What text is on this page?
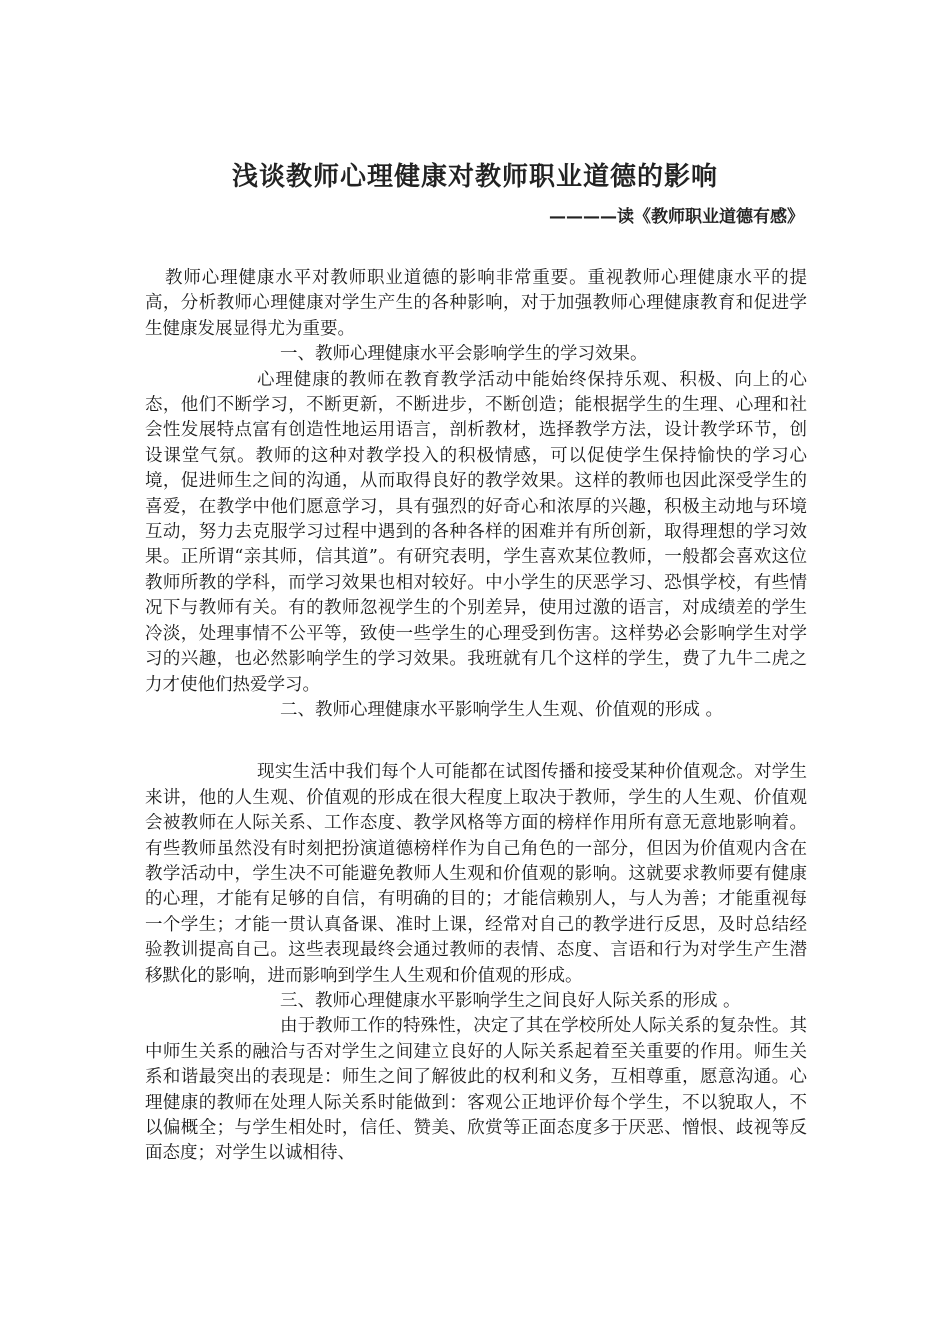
浅谈教师心理健康对教师职业道德的影响
————读《教师职业道德有感》

教师心理健康水平对教师职业道德的影响非常重要。重视教师心理健康水平的提高，分析教师心理健康对学生产生的各种影响，对于加强教师心理健康教育和促进学生健康发展显得尤为重要。

一、教师心理健康水平会影响学生的学习效果。

心理健康的教师在教育教学活动中能始终保持乐观、积极、向上的心态，他们不断学习，不断更新，不断进步，不断创造；能根据学生的生理、心理和社会性发展特点富有创造性地运用语言，剖析教材，选择教学方法，设计教学环节，创设课堂气氛。教师的这种对教学投入的积极情感，可以促使学生保持愉快的学习心境，促进师生之间的沟通，从而取得良好的教学效果。这样的教师也因此深受学生的喜爱，在教学中他们愿意学习，具有强烈的好奇心和浓厚的兴趣，积极主动地与环境互动，努力去克服学习过程中遇到的各种各样的困难并有所创新，取得理想的学习效果。正所谓“亲其师，信其道”。有研究表明，学生喜欢某位教师，一般都会喜欢这位教师所教的学科，而学习效果也相对较好。中小学生的厌恶学习、恐惧学校，有些情况下与教师有关。有的教师忽视学生的个别差异，使用过激的语言，对成绩差的学生冷淡，处理事情不公平等，致使一些学生的心理受到伤害。这样势必会影响学生对学习的兴趣，也必然影响学生的学习效果。我班就有几个这样的学生，费了九牛二虎之力才使他们热爱学习。

二、教师心理健康水平影响学生人生观、价值观的形成 。

现实生活中我们每个人可能都在试图传播和接受某种价值观念。对学生来讲，他的人生观、价值观的形成在很大程度上取决于教师，学生的人生观、价值观会被教师在人际关系、工作态度、教学风格等方面的榜样作用所有意无意地影响着。有些教师虽然没有时刻把扮演道德榜样作为自己角色的一部分，但因为价值观内含在教学活动中，学生决不可能避免教师人生观和价值观的影响。这就要求教师要有健康的心理，才能有足够的自信，有明确的目的；才能信赖别人，与人为善；才能重视每一个学生；才能一贯认真备课、准时上课，经常对自己的教学进行反思，及时总结经验教训提高自己。这些表现最终会通过教师的表情、态度、言语和行为对学生产生潜移默化的影响，进而影响到学生人生观和价值观的形成。

三、教师心理健康水平影响学生之间良好人际关系的形成 。

由于教师工作的特殊性，决定了其在学校所处人际关系的复杂性。其中师生关系的融洽与否对学生之间建立良好的人际关系起着至关重要的作用。师生关系和谐最突出的表现是：师生之间了解彼此的权利和义务，互相尊重，愿意沟通。心理健康的教师在处理人际关系时能做到：客观公正地评价每个学生，不以貌取人，不以偏概全；与学生相处时，信任、赞美、欣赏等正面态度多于厌恶、憎恨、歧视等反面态度；对学生以诚相待、
